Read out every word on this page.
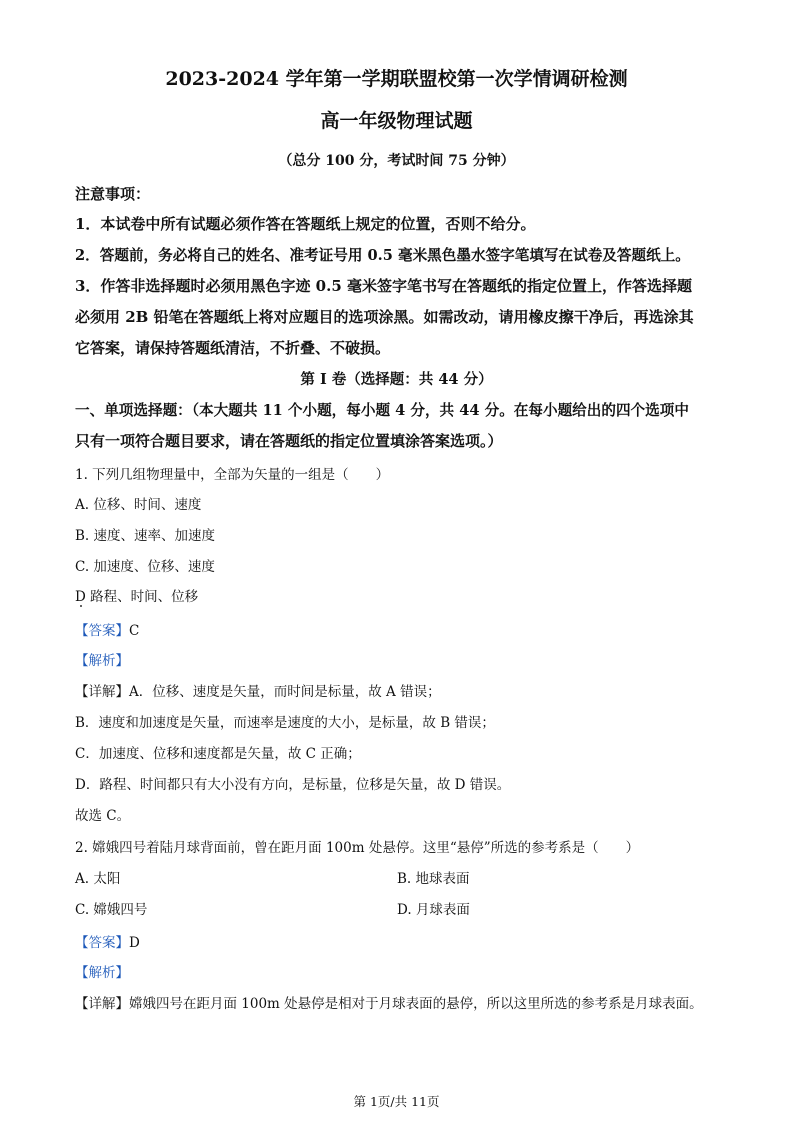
2023-2024 学年第一学期联盟校第一次学情调研检测
高一年级物理试题
（总分 100 分，考试时间 75 分钟）
注意事项：
1．本试卷中所有试题必须作答在答题纸上规定的位置，否则不给分。
2．答题前，务必将自己的姓名、准考证号用 0.5 毫米黑色墨水签字笔填写在试卷及答题纸上。
3．作答非选择题时必须用黑色字迹 0.5 毫米签字笔书写在答题纸的指定位置上，作答选择题
必须用 2B 铅笔在答题纸上将对应题目的选项涂黑。如需改动，请用橡皮擦干净后，再选涂其
它答案，请保持答题纸清洁，不折叠、不破损。
第 I 卷（选择题：共 44 分）
一、单项选择题：（本大题共 11 个小题，每小题 4 分，共 44 分。在每小题给出的四个选项中
只有一项符合题目要求，请在答题纸的指定位置填涂答案选项。）
1. 下列几组物理量中，全部为矢量的一组是（　　）
A. 位移、时间、速度
B. 速度、速率、加速度
C. 加速度、位移、速度
D 路程、时间、位移
【答案】C
【解析】
【详解】A．位移、速度是矢量，而时间是标量，故 A 错误；
B．速度和加速度是矢量，而速率是速度的大小，是标量，故 B 错误；
C．加速度、位移和速度都是矢量，故 C 正确；
D．路程、时间都只有大小没有方向，是标量，位移是矢量，故 D 错误。
故选 C。
2. 嫦娥四号着陆月球背面前，曾在距月面 100m 处悬停。这里“悬停”所选的参考系是（　　）
A. 太阳	B. 地球表面
C. 嫦娥四号	D. 月球表面
【答案】D
【解析】
【详解】嫦娥四号在距月面 100m 处悬停是相对于月球表面的悬停，所以这里所选的参考系是月球表面。
第 1页/共 11页
